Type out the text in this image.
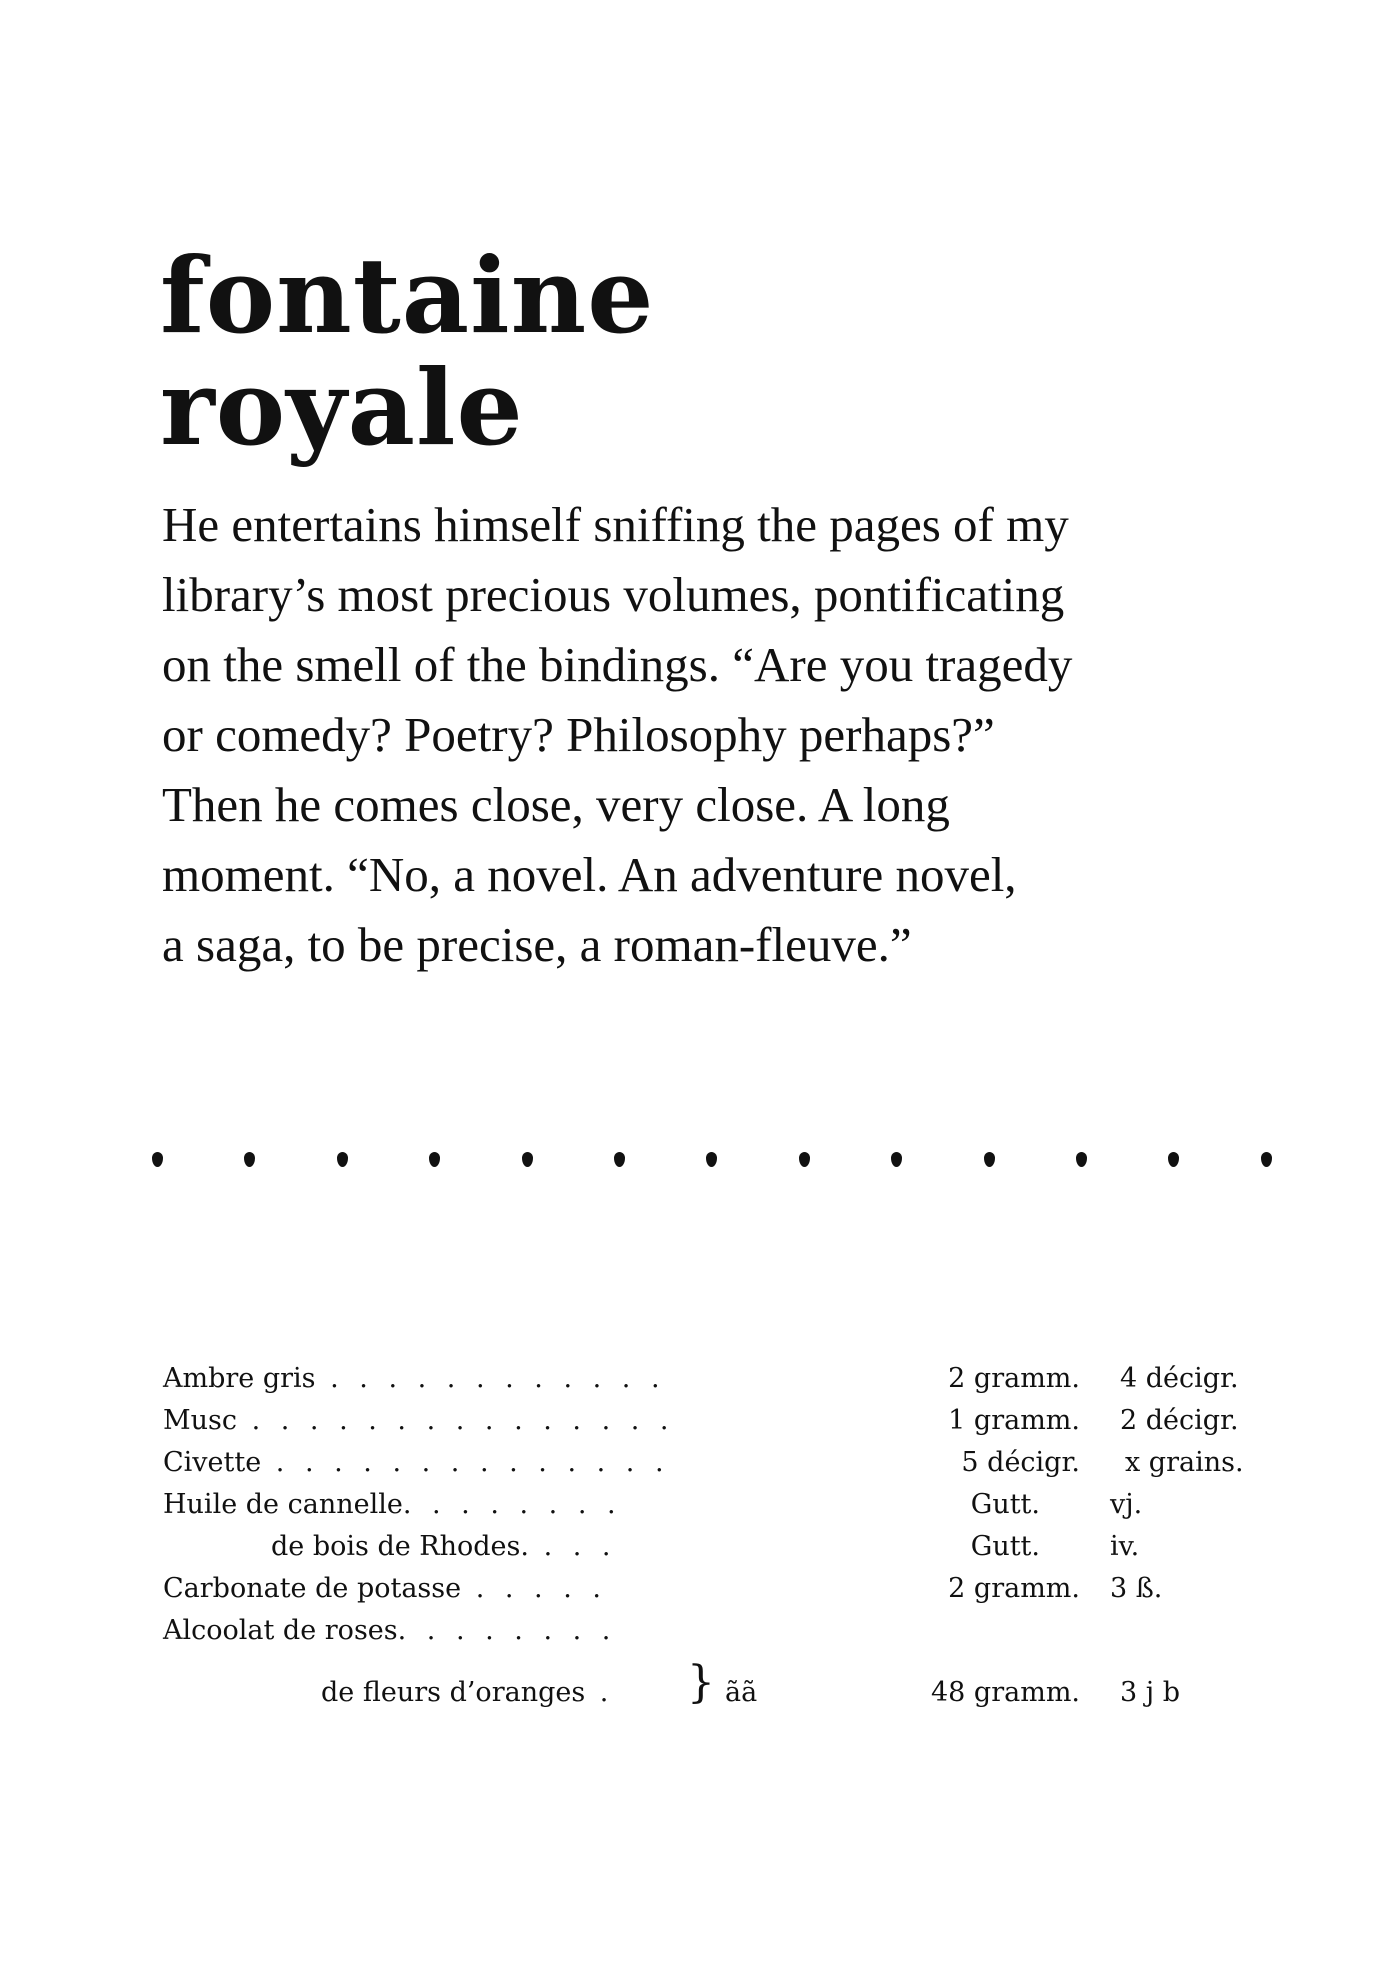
fontaine
royale

He entertains himself sniffing the pages of my
library’s most precious volumes, pontificating
on the smell of the bindings. “Are you tragedy
or comedy? Poetry? Philosophy perhaps?”
Then he comes close, very close. A long
moment. “No, a novel. An adventure novel,
a saga, to be precise, a roman-fleuve.”

Ambre gris . . . . . . . . . . . .	2 gramm. 4 décigr.
Musc . . . . . . . . . . . . . . .	1 gramm. 2 décigr.
Civette . . . . . . . . . . . . . .	5 décigr. x grains.
Huile de cannelle. . . . . . . .	Gutt.	vj.
de bois de Rhodes. . . .	Gutt.	iv.
Carbonate de potasse . . . . .	2 gramm. 3 ß.
Alcoolat de roses. . . . . . . .
de fleurs d’oranges . } ãã	48 gramm. 3 j b
